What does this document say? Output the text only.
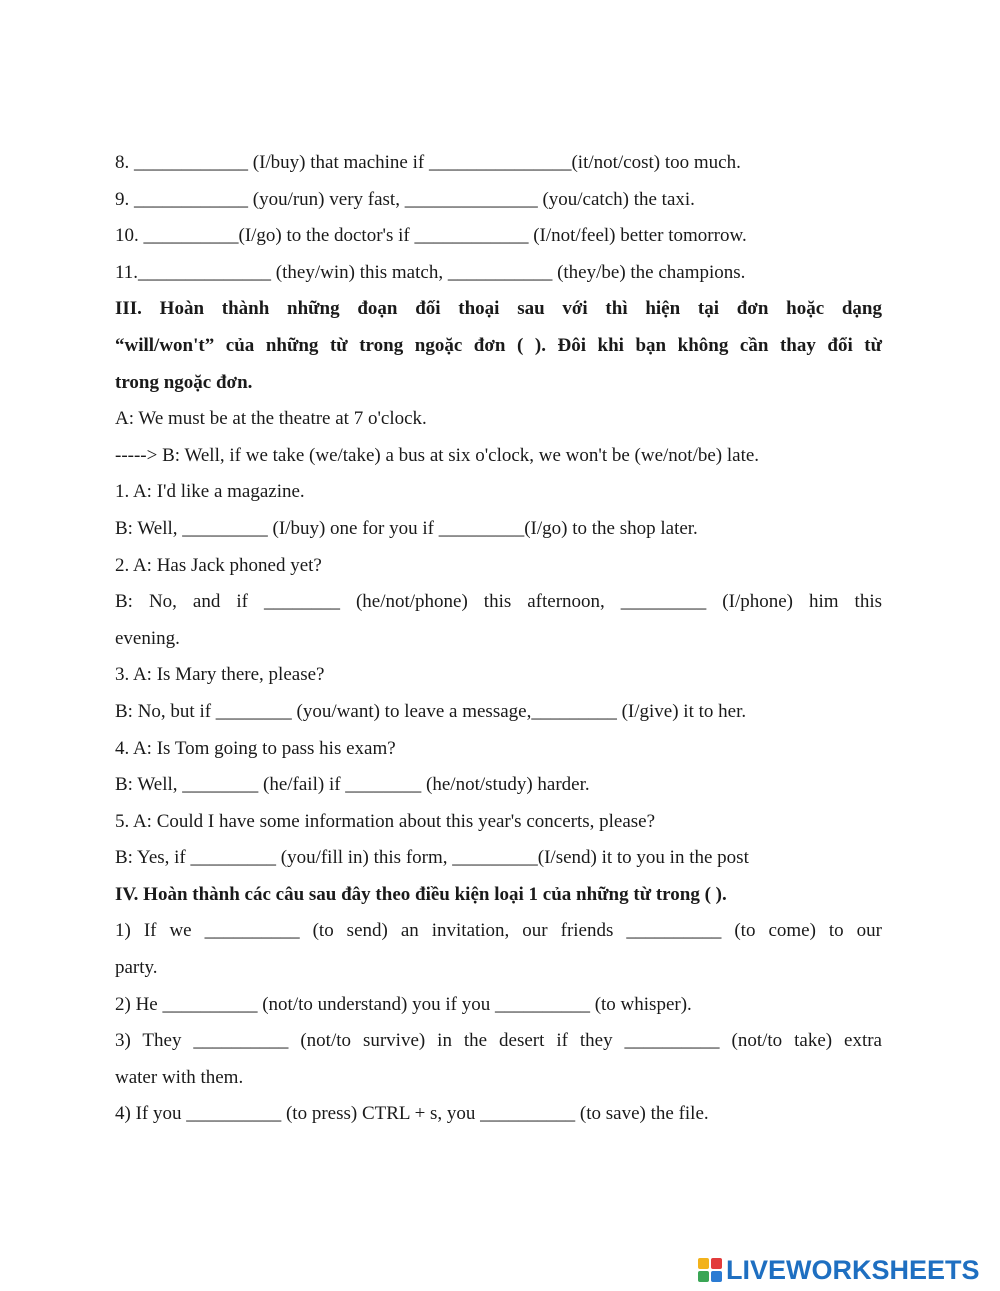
8. ____________ (I/buy) that machine if _______________(it/not/cost) too much.
9. ____________ (you/run) very fast, ______________ (you/catch) the taxi.
10. __________(I/go) to the doctor's if ____________ (I/not/feel) better tomorrow.
11.______________ (they/win) this match, ___________ (they/be) the champions.
III. Hoàn thành những đoạn đối thoại sau với thì hiện tại đơn hoặc dạng
“will/won't” của những từ trong ngoặc đơn ( ). Đôi khi bạn không cần thay đổi từ
trong ngoặc đơn.
A: We must be at the theatre at 7 o'clock.
-----> B: Well, if we take (we/take) a bus at six o'clock, we won't be (we/not/be) late.
1. A: I'd like a magazine.
B: Well, _________ (I/buy) one for you if _________(I/go) to the shop later.
2. A: Has Jack phoned yet?
B: No, and if ________ (he/not/phone) this afternoon, _________ (I/phone) him this
evening.
3. A: Is Mary there, please?
B: No, but if ________ (you/want) to leave a message,_________ (I/give) it to her.
4. A: Is Tom going to pass his exam?
B: Well, ________ (he/fail) if ________ (he/not/study) harder.
5. A: Could I have some information about this year's concerts, please?
B: Yes, if _________ (you/fill in) this form, _________(I/send) it to you in the post
IV. Hoàn thành các câu sau đây theo điều kiện loại 1 của những từ trong ( ).
1) If we __________ (to send) an invitation, our friends __________ (to come) to our
party.
2) He __________ (not/to understand) you if you __________ (to whisper).
3) They __________ (not/to survive) in the desert if they __________ (not/to take) extra
water with them.
4) If you __________ (to press) CTRL + s, you __________ (to save) the file.
LIVEWORKSHEETS
